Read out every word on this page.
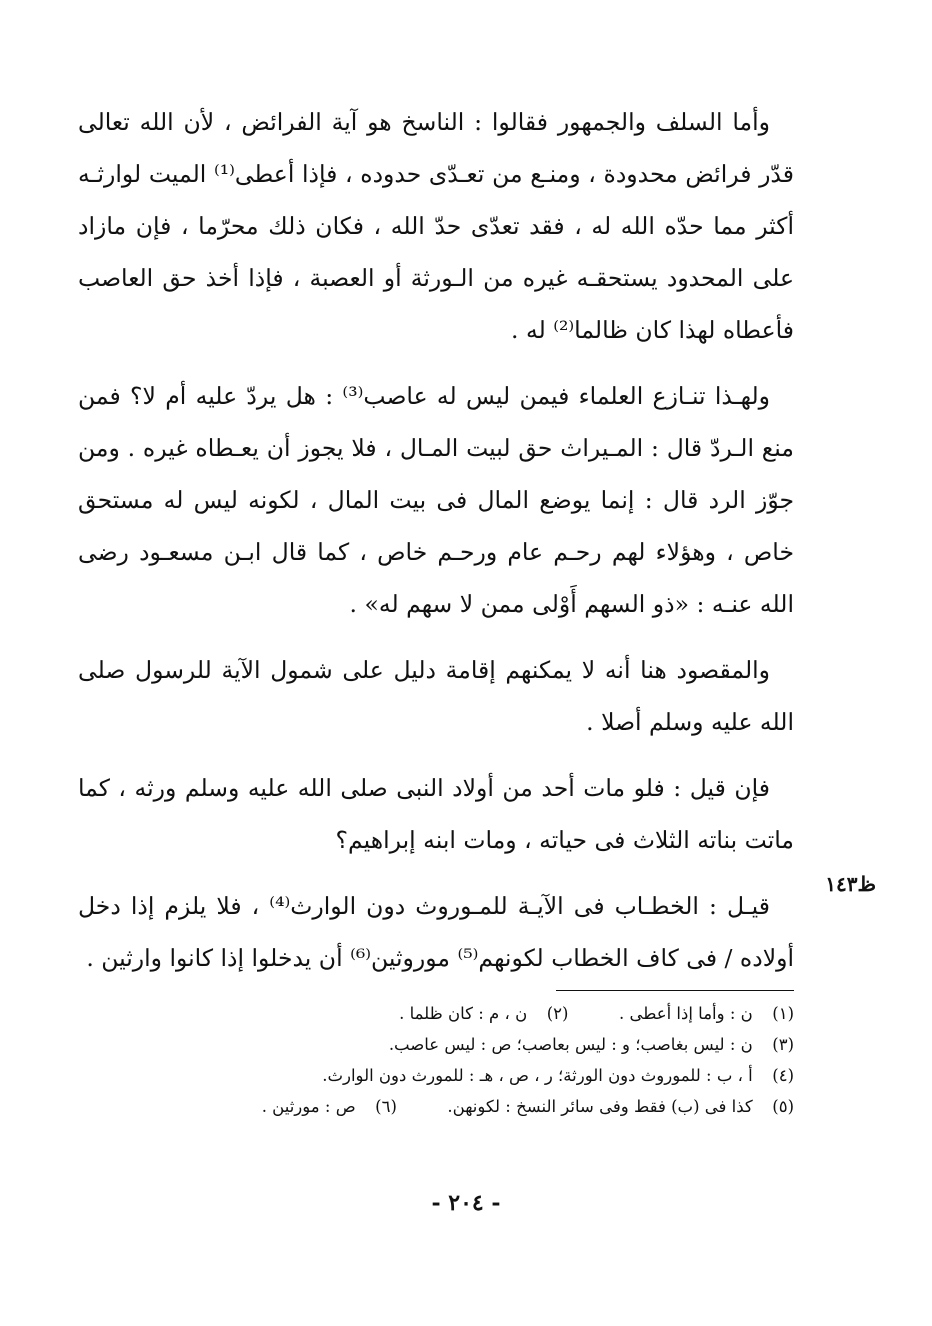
وأما السلف والجمهور فقالوا : الناسخ هو آية الفرائض ، لأن الله تعالى قدّر فرائض محدودة ، ومنـع من تعـدّى حدوده ، فإذا أعطى⁽¹⁾ الميت لوارثـه أكثر مما حدّه الله له ، فقد تعدّى حدّ الله ، فكان ذلك محرّما ، فإن مازاد على المحدود يستحقـه غيره من الـورثة أو العصبة ، فإذا أخذ حق العاصب فأعطاه لهذا كان ظالما⁽²⁾ له .

ولهـذا تنـازع العلماء فيمن ليس له عاصب⁽³⁾ : هل يردّ عليه أم لا؟ فمن منع الـردّ قال : المـيراث حق لبيت المـال ، فلا يجوز أن يعـطاه غيره . ومن جوّز الرد قال : إنما يوضع المال فى بيت المال ، لكونه ليس له مستحق خاص ، وهؤلاء لهم رحـم عام ورحـم خاص ، كما قال ابـن مسعـود رضى الله عنـه : «ذو السهم أَوْلى ممن لا سهم له» .

والمقصود هنا أنه لا يمكنهم إقامة دليل على شمول الآية للرسول صلى الله عليه وسلم أصلا .

فإن قيل : فلو مات أحد من أولاد النبى صلى الله عليه وسلم ورثه ، كما ماتت بناته الثلاث فى حياته ، ومات ابنه إبراهيم؟

قيـل : الخطـاب فى الآيـة للمـوروث دون الوارث⁽⁴⁾ ، فلا يلزم إذا دخل أولاده / فى كاف الخطاب لكونهم⁽⁵⁾ موروثين⁽⁶⁾ أن يدخلوا إذا كانوا وارثين .

ظ١٤٣
(١) ن : وأما إذا أعطى .  (٢) ن ، م : كان ظلما .
(٣) ن : ليس بغاصب؛ و : ليس بعاصب؛ ص : ليس عاصب.
(٤) أ ، ب : للموروث دون الورثة؛ ر ، ص ، هـ : للمورث دون الوارث.
(٥) كذا فى (ب) فقط وفى سائر النسخ : لكونهن.  (٦) ص : مورثين .
- ٢٠٤ -
